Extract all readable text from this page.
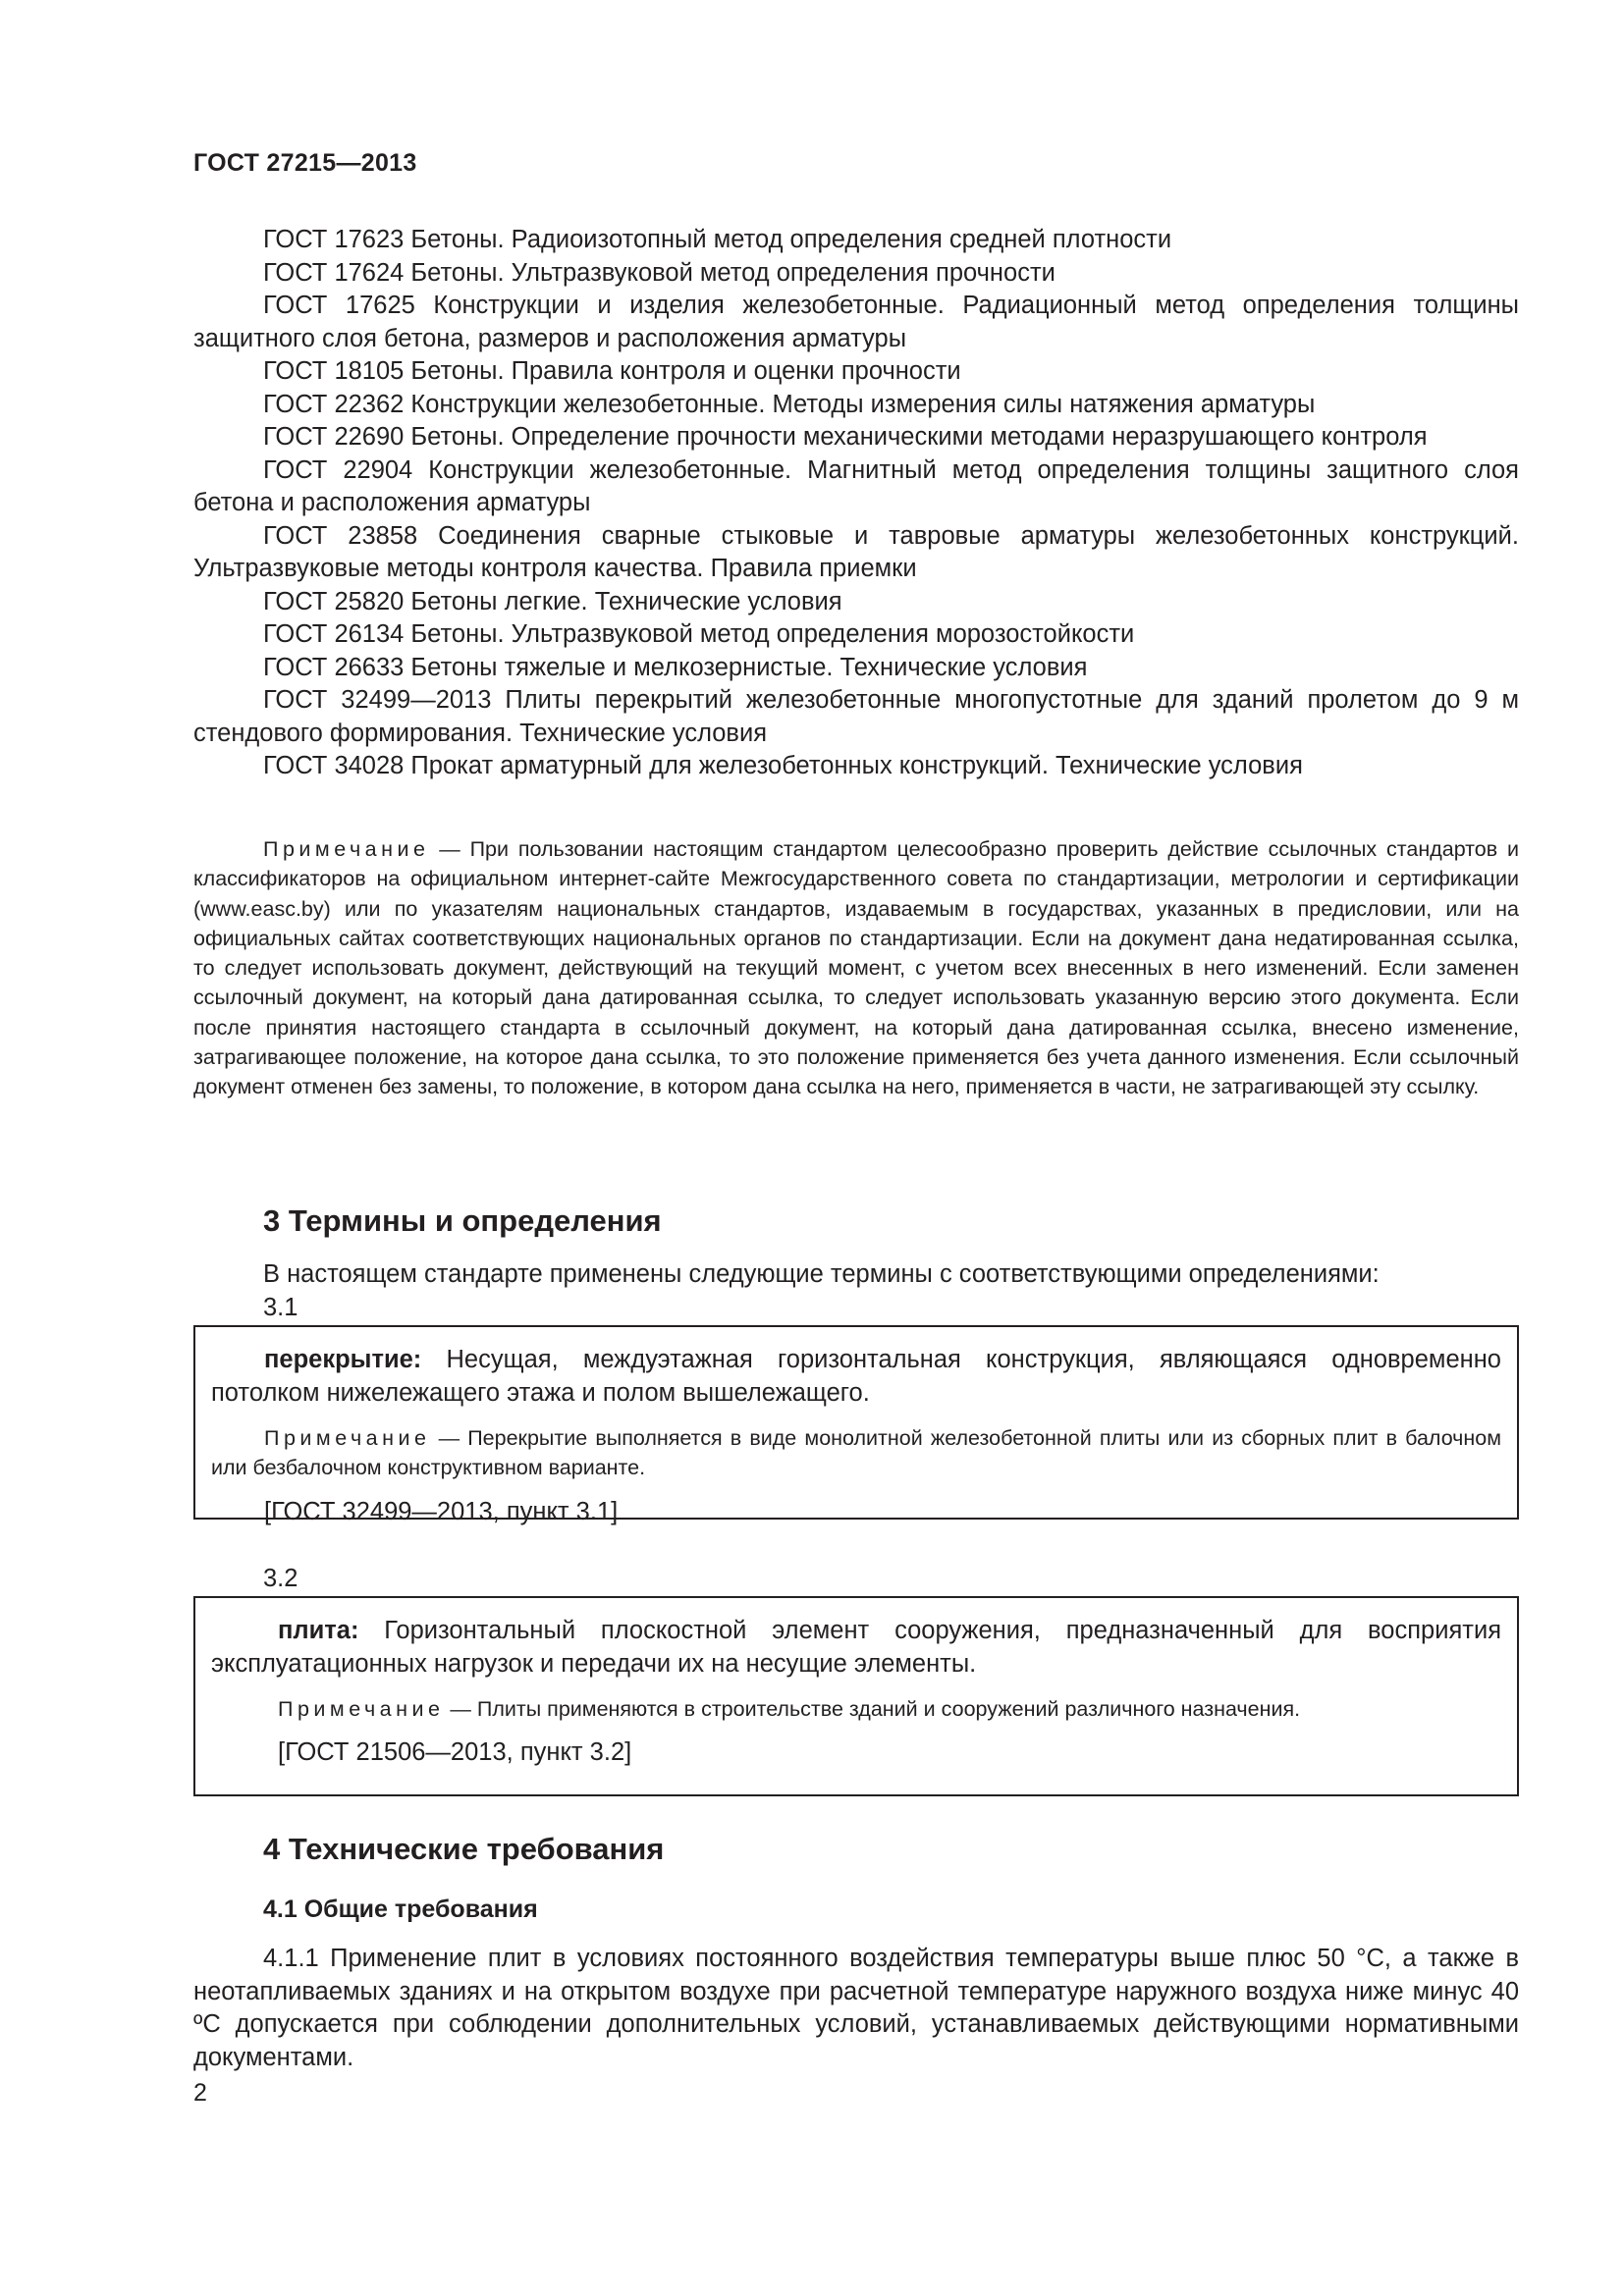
ГОСТ 27215—2013

ГОСТ 17623 Бетоны. Радиоизотопный метод определения средней плотности

ГОСТ 17624 Бетоны. Ультразвуковой метод определения прочности

ГОСТ 17625 Конструкции и изделия железобетонные. Радиационный метод определения толщины защитного слоя бетона, размеров и расположения арматуры

ГОСТ 18105 Бетоны. Правила контроля и оценки прочности

ГОСТ 22362 Конструкции железобетонные. Методы измерения силы натяжения арматуры

ГОСТ 22690 Бетоны. Определение прочности механическими методами неразрушающего контроля

ГОСТ 22904 Конструкции железобетонные. Магнитный метод определения толщины защитного слоя бетона и расположения арматуры

ГОСТ 23858 Соединения сварные стыковые и тавровые арматуры железобетонных конструкций. Ультразвуковые методы контроля качества. Правила приемки

ГОСТ 25820 Бетоны легкие. Технические условия

ГОСТ 26134 Бетоны. Ультразвуковой метод определения морозостойкости

ГОСТ 26633 Бетоны тяжелые и мелкозернистые. Технические условия

ГОСТ 32499—2013 Плиты перекрытий железобетонные многопустотные для зданий пролетом до 9 м стендового формирования. Технические условия

ГОСТ 34028 Прокат арматурный для железобетонных конструкций. Технические условия

Примечание — При пользовании настоящим стандартом целесообразно проверить действие ссылочных стандартов и классификаторов на официальном интернет-сайте Межгосударственного совета по стандартизации, метрологии и сертификации (www.easc.by) или по указателям национальных стандартов, издаваемым в государствах, указанных в предисловии, или на официальных сайтах соответствующих национальных органов по стандартизации. Если на документ дана недатированная ссылка, то следует использовать документ, действующий на текущий момент, с учетом всех внесенных в него изменений. Если заменен ссылочный документ, на который дана датированная ссылка, то следует использовать указанную версию этого документа. Если после принятия настоящего стандарта в ссылочный документ, на который дана датированная ссылка, внесено изменение, затрагивающее положение, на которое дана ссылка, то это положение применяется без учета данного изменения. Если ссылочный документ отменен без замены, то положение, в котором дана ссылка на него, применяется в части, не затрагивающей эту ссылку.

3 Термины и определения
В настоящем стандарте применены следующие термины с соответствующими определениями:
3.1

перекрытие: Несущая, междуэтажная горизонтальная конструкция, являющаяся одновременно потолком нижележащего этажа и полом вышележащего.

Примечание — Перекрытие выполняется в виде монолитной железобетонной плиты или из сборных плит в балочном или безбалочном конструктивном варианте.

[ГОСТ 32499—2013, пункт 3.1]

3.2

плита: Горизонтальный плоскостной элемент сооружения, предназначенный для восприятия эксплуатационных нагрузок и передачи их на несущие элементы.

Примечание — Плиты применяются в строительстве зданий и сооружений различного назначения.

[ГОСТ 21506—2013, пункт 3.2]

4 Технические требования
4.1 Общие требования

4.1.1 Применение плит в условиях постоянного воздействия температуры выше плюс 50 °С, а также в неотапливаемых зданиях и на открытом воздухе при расчетной температуре наружного воздуха ниже минус 40 ºС допускается при соблюдении дополнительных условий, устанавливаемых действующими нормативными документами.

2
